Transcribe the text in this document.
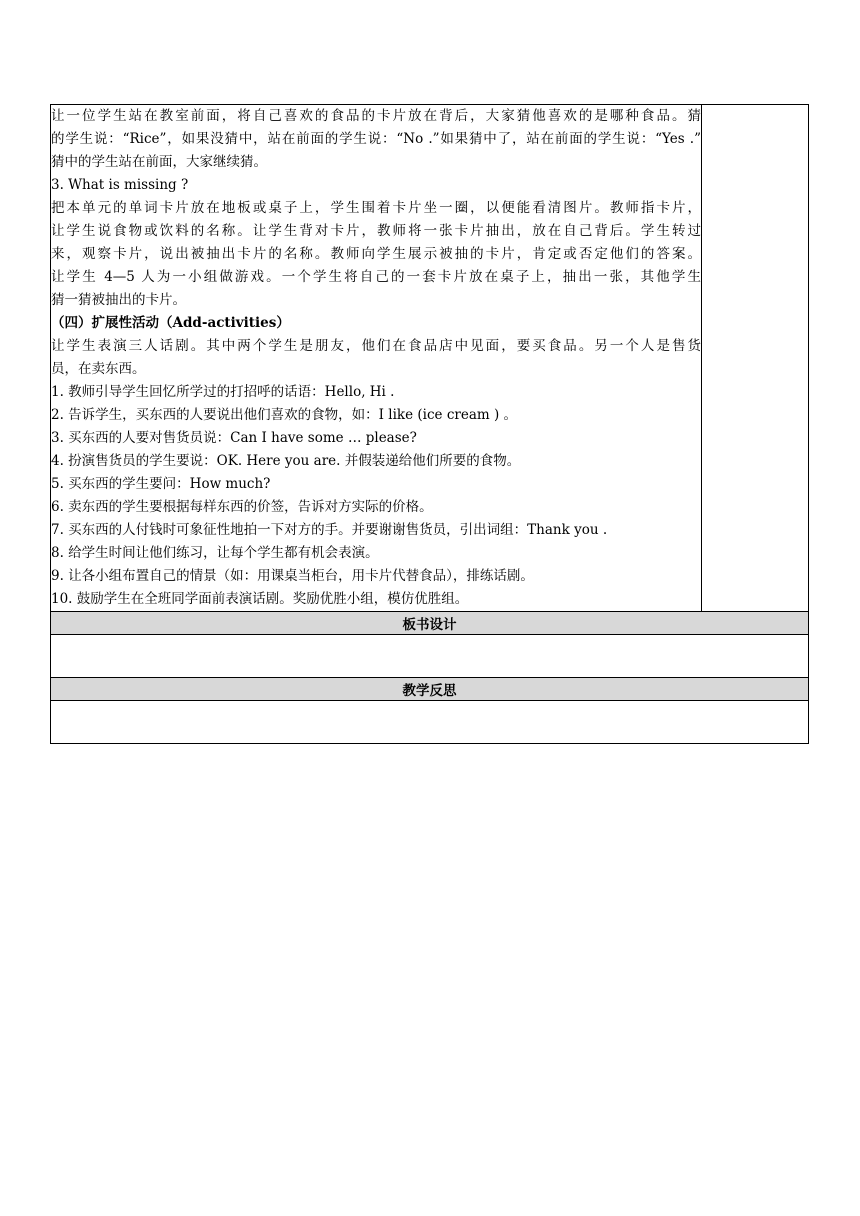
让一位学生站在教室前面，将自己喜欢的食品的卡片放在背后，大家猜他喜欢的是哪种食品。猜
的学生说：“Rice”，如果没猜中，站在前面的学生说：“No .”如果猜中了，站在前面的学生说：“Yes .”
猜中的学生站在前面，大家继续猜。
3. What is missing ?
把本单元的单词卡片放在地板或桌子上，学生围着卡片坐一圈，以便能看清图片。教师指卡片，
让学生说食物或饮料的名称。让学生背对卡片，教师将一张卡片抽出，放在自己背后。学生转过
来，观察卡片，说出被抽出卡片的名称。教师向学生展示被抽的卡片，肯定或否定他们的答案。
让学生 4—5 人为一小组做游戏。一个学生将自己的一套卡片放在桌子上，抽出一张，其他学生
猜一猜被抽出的卡片。
（四）扩展性活动（Add-activities）
让学生表演三人话剧。其中两个学生是朋友，他们在食品店中见面，要买食品。另一个人是售货
员，在卖东西。
1. 教师引导学生回忆所学过的打招呼的话语：Hello, Hi .
2. 告诉学生，买东西的人要说出他们喜欢的食物，如：I like (ice cream ) 。
3. 买东西的人要对售货员说：Can I have some … please?
4. 扮演售货员的学生要说：OK. Here you are. 并假装递给他们所要的食物。
5. 买东西的学生要问：How much?
6. 卖东西的学生要根据每样东西的价签，告诉对方实际的价格。
7. 买东西的人付钱时可象征性地拍一下对方的手。并要谢谢售货员，引出词组：Thank you .
8. 给学生时间让他们练习，让每个学生都有机会表演。
9. 让各小组布置自己的情景（如：用课桌当柜台，用卡片代替食品），排练话剧。
10. 鼓励学生在全班同学面前表演话剧。奖励优胜小组，模仿优胜组。

板书设计

教学反思
